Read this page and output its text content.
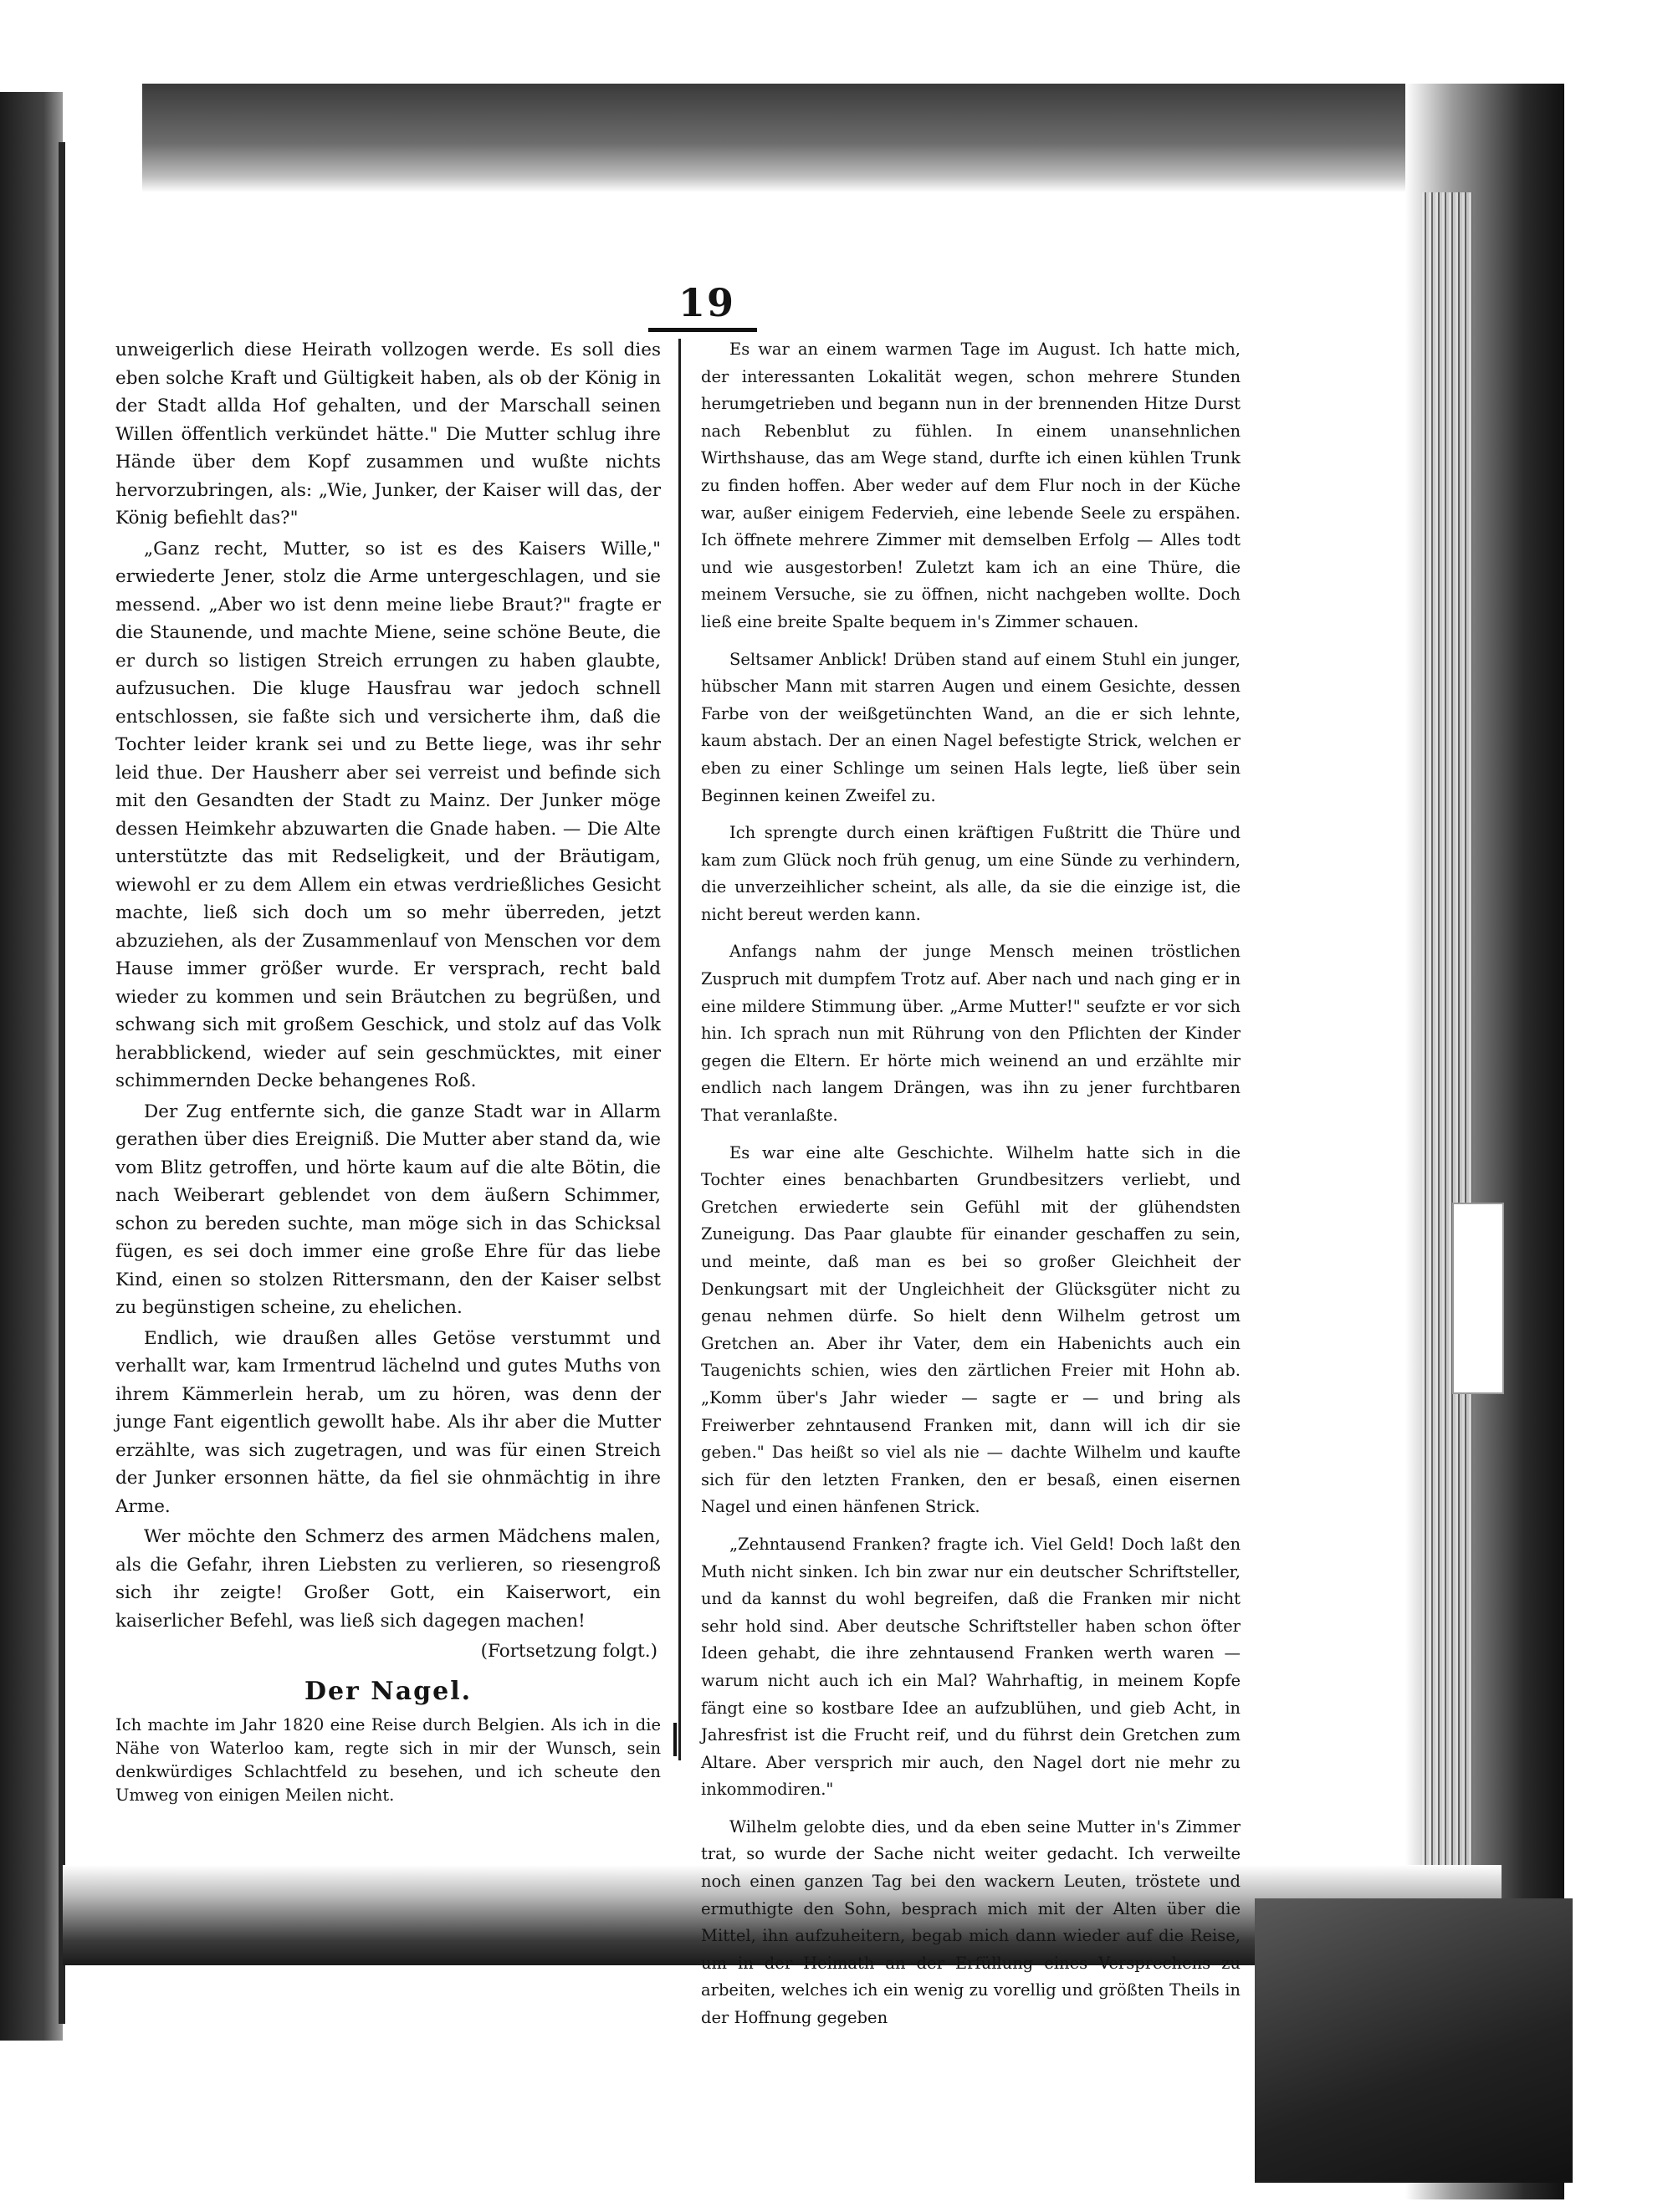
19

unweigerlich diese Heirath vollzogen werde. Es soll dies eben solche Kraft und Gültigkeit haben, als ob der König in der Stadt allda Hof gehalten, und der Marschall seinen Willen öffentlich verkündet hätte." Die Mutter schlug ihre Hände über dem Kopf zusammen und wußte nichts hervorzubringen, als: „Wie, Junker, der Kaiser will das, der König befiehlt das?"

„Ganz recht, Mutter, so ist es des Kaisers Wille," erwiederte Jener, stolz die Arme untergeschlagen, und sie messend. „Aber wo ist denn meine liebe Braut?" fragte er die Staunende, und machte Miene, seine schöne Beute, die er durch so listigen Streich errungen zu haben glaubte, aufzusuchen. Die kluge Hausfrau war jedoch schnell entschlossen, sie faßte sich und versicherte ihm, daß die Tochter leider krank sei und zu Bette liege, was ihr sehr leid thue. Der Hausherr aber sei verreist und befinde sich mit den Gesandten der Stadt zu Mainz. Der Junker möge dessen Heimkehr abzuwarten die Gnade haben. — Die Alte unterstützte das mit Redseligkeit, und der Bräutigam, wiewohl er zu dem Allem ein etwas verdrießliches Gesicht machte, ließ sich doch um so mehr überreden, jetzt abzuziehen, als der Zusammenlauf von Menschen vor dem Hause immer größer wurde. Er versprach, recht bald wieder zu kommen und sein Bräutchen zu begrüßen, und schwang sich mit großem Geschick, und stolz auf das Volk herabblickend, wieder auf sein geschmücktes, mit einer schimmernden Decke behangenes Roß.

Der Zug entfernte sich, die ganze Stadt war in Allarm gerathen über dies Ereigniß. Die Mutter aber stand da, wie vom Blitz getroffen, und hörte kaum auf die alte Bötin, die nach Weiberart geblendet von dem äußern Schimmer, schon zu bereden suchte, man möge sich in das Schicksal fügen, es sei doch immer eine große Ehre für das liebe Kind, einen so stolzen Rittersmann, den der Kaiser selbst zu begünstigen scheine, zu ehelichen.

Endlich, wie draußen alles Getöse verstummt und verhallt war, kam Irmentrud lächelnd und gutes Muths von ihrem Kämmerlein herab, um zu hören, was denn der junge Fant eigentlich gewollt habe. Als ihr aber die Mutter erzählte, was sich zugetragen, und was für einen Streich der Junker ersonnen hätte, da fiel sie ohnmächtig in ihre Arme.

Wer möchte den Schmerz des armen Mädchens malen, als die Gefahr, ihren Liebsten zu verlieren, so riesengroß sich ihr zeigte! Großer Gott, ein Kaiserwort, ein kaiserlicher Befehl, was ließ sich dagegen machen!

(Fortsetzung folgt.)

Der Nagel.

Ich machte im Jahr 1820 eine Reise durch Belgien. Als ich in die Nähe von Waterloo kam, regte sich in mir der Wunsch, sein denkwürdiges Schlachtfeld zu besehen, und ich scheute den Umweg von einigen Meilen nicht.

Es war an einem warmen Tage im August. Ich hatte mich, der interessanten Lokalität wegen, schon mehrere Stunden herumgetrieben und begann nun in der brennenden Hitze Durst nach Rebenblut zu fühlen. In einem unansehnlichen Wirthshause, das am Wege stand, durfte ich einen kühlen Trunk zu finden hoffen. Aber weder auf dem Flur noch in der Küche war, außer einigem Federvieh, eine lebende Seele zu erspähen. Ich öffnete mehrere Zimmer mit demselben Erfolg — Alles todt und wie ausgestorben! Zuletzt kam ich an eine Thüre, die meinem Versuche, sie zu öffnen, nicht nachgeben wollte. Doch ließ eine breite Spalte bequem in's Zimmer schauen.

Seltsamer Anblick! Drüben stand auf einem Stuhl ein junger, hübscher Mann mit starren Augen und einem Gesichte, dessen Farbe von der weißgetünchten Wand, an die er sich lehnte, kaum abstach. Der an einen Nagel befestigte Strick, welchen er eben zu einer Schlinge um seinen Hals legte, ließ über sein Beginnen keinen Zweifel zu.

Ich sprengte durch einen kräftigen Fußtritt die Thüre und kam zum Glück noch früh genug, um eine Sünde zu verhindern, die unverzeihlicher scheint, als alle, da sie die einzige ist, die nicht bereut werden kann.

Anfangs nahm der junge Mensch meinen tröstlichen Zuspruch mit dumpfem Trotz auf. Aber nach und nach ging er in eine mildere Stimmung über. „Arme Mutter!" seufzte er vor sich hin. Ich sprach nun mit Rührung von den Pflichten der Kinder gegen die Eltern. Er hörte mich weinend an und erzählte mir endlich nach langem Drängen, was ihn zu jener furchtbaren That veranlaßte.

Es war eine alte Geschichte. Wilhelm hatte sich in die Tochter eines benachbarten Grundbesitzers verliebt, und Gretchen erwiederte sein Gefühl mit der glühendsten Zuneigung. Das Paar glaubte für einander geschaffen zu sein, und meinte, daß man es bei so großer Gleichheit der Denkungsart mit der Ungleichheit der Glücksgüter nicht zu genau nehmen dürfe. So hielt denn Wilhelm getrost um Gretchen an. Aber ihr Vater, dem ein Habenichts auch ein Taugenichts schien, wies den zärtlichen Freier mit Hohn ab. „Komm über's Jahr wieder — sagte er — und bring als Freiwerber zehntausend Franken mit, dann will ich dir sie geben." Das heißt so viel als nie — dachte Wilhelm und kaufte sich für den letzten Franken, den er besaß, einen eisernen Nagel und einen hänfenen Strick.

„Zehntausend Franken? fragte ich. Viel Geld! Doch laßt den Muth nicht sinken. Ich bin zwar nur ein deutscher Schriftsteller, und da kannst du wohl begreifen, daß die Franken mir nicht sehr hold sind. Aber deutsche Schriftsteller haben schon öfter Ideen gehabt, die ihre zehntausend Franken werth waren — warum nicht auch ich ein Mal? Wahrhaftig, in meinem Kopfe fängt eine so kostbare Idee an aufzublühen, und gieb Acht, in Jahresfrist ist die Frucht reif, und du führst dein Gretchen zum Altare. Aber versprich mir auch, den Nagel dort nie mehr zu inkommodiren."

Wilhelm gelobte dies, und da eben seine Mutter in's Zimmer trat, so wurde der Sache nicht weiter gedacht. Ich verweilte noch einen ganzen Tag bei den wackern Leuten, tröstete und ermuthigte den Sohn, besprach mich mit der Alten über die Mittel, ihn aufzuheitern, begab mich dann wieder auf die Reise, um in der Heimath an der Erfüllung eines Versprechens zu arbeiten, welches ich ein wenig zu vorellig und größten Theils in der Hoffnung gegeben
